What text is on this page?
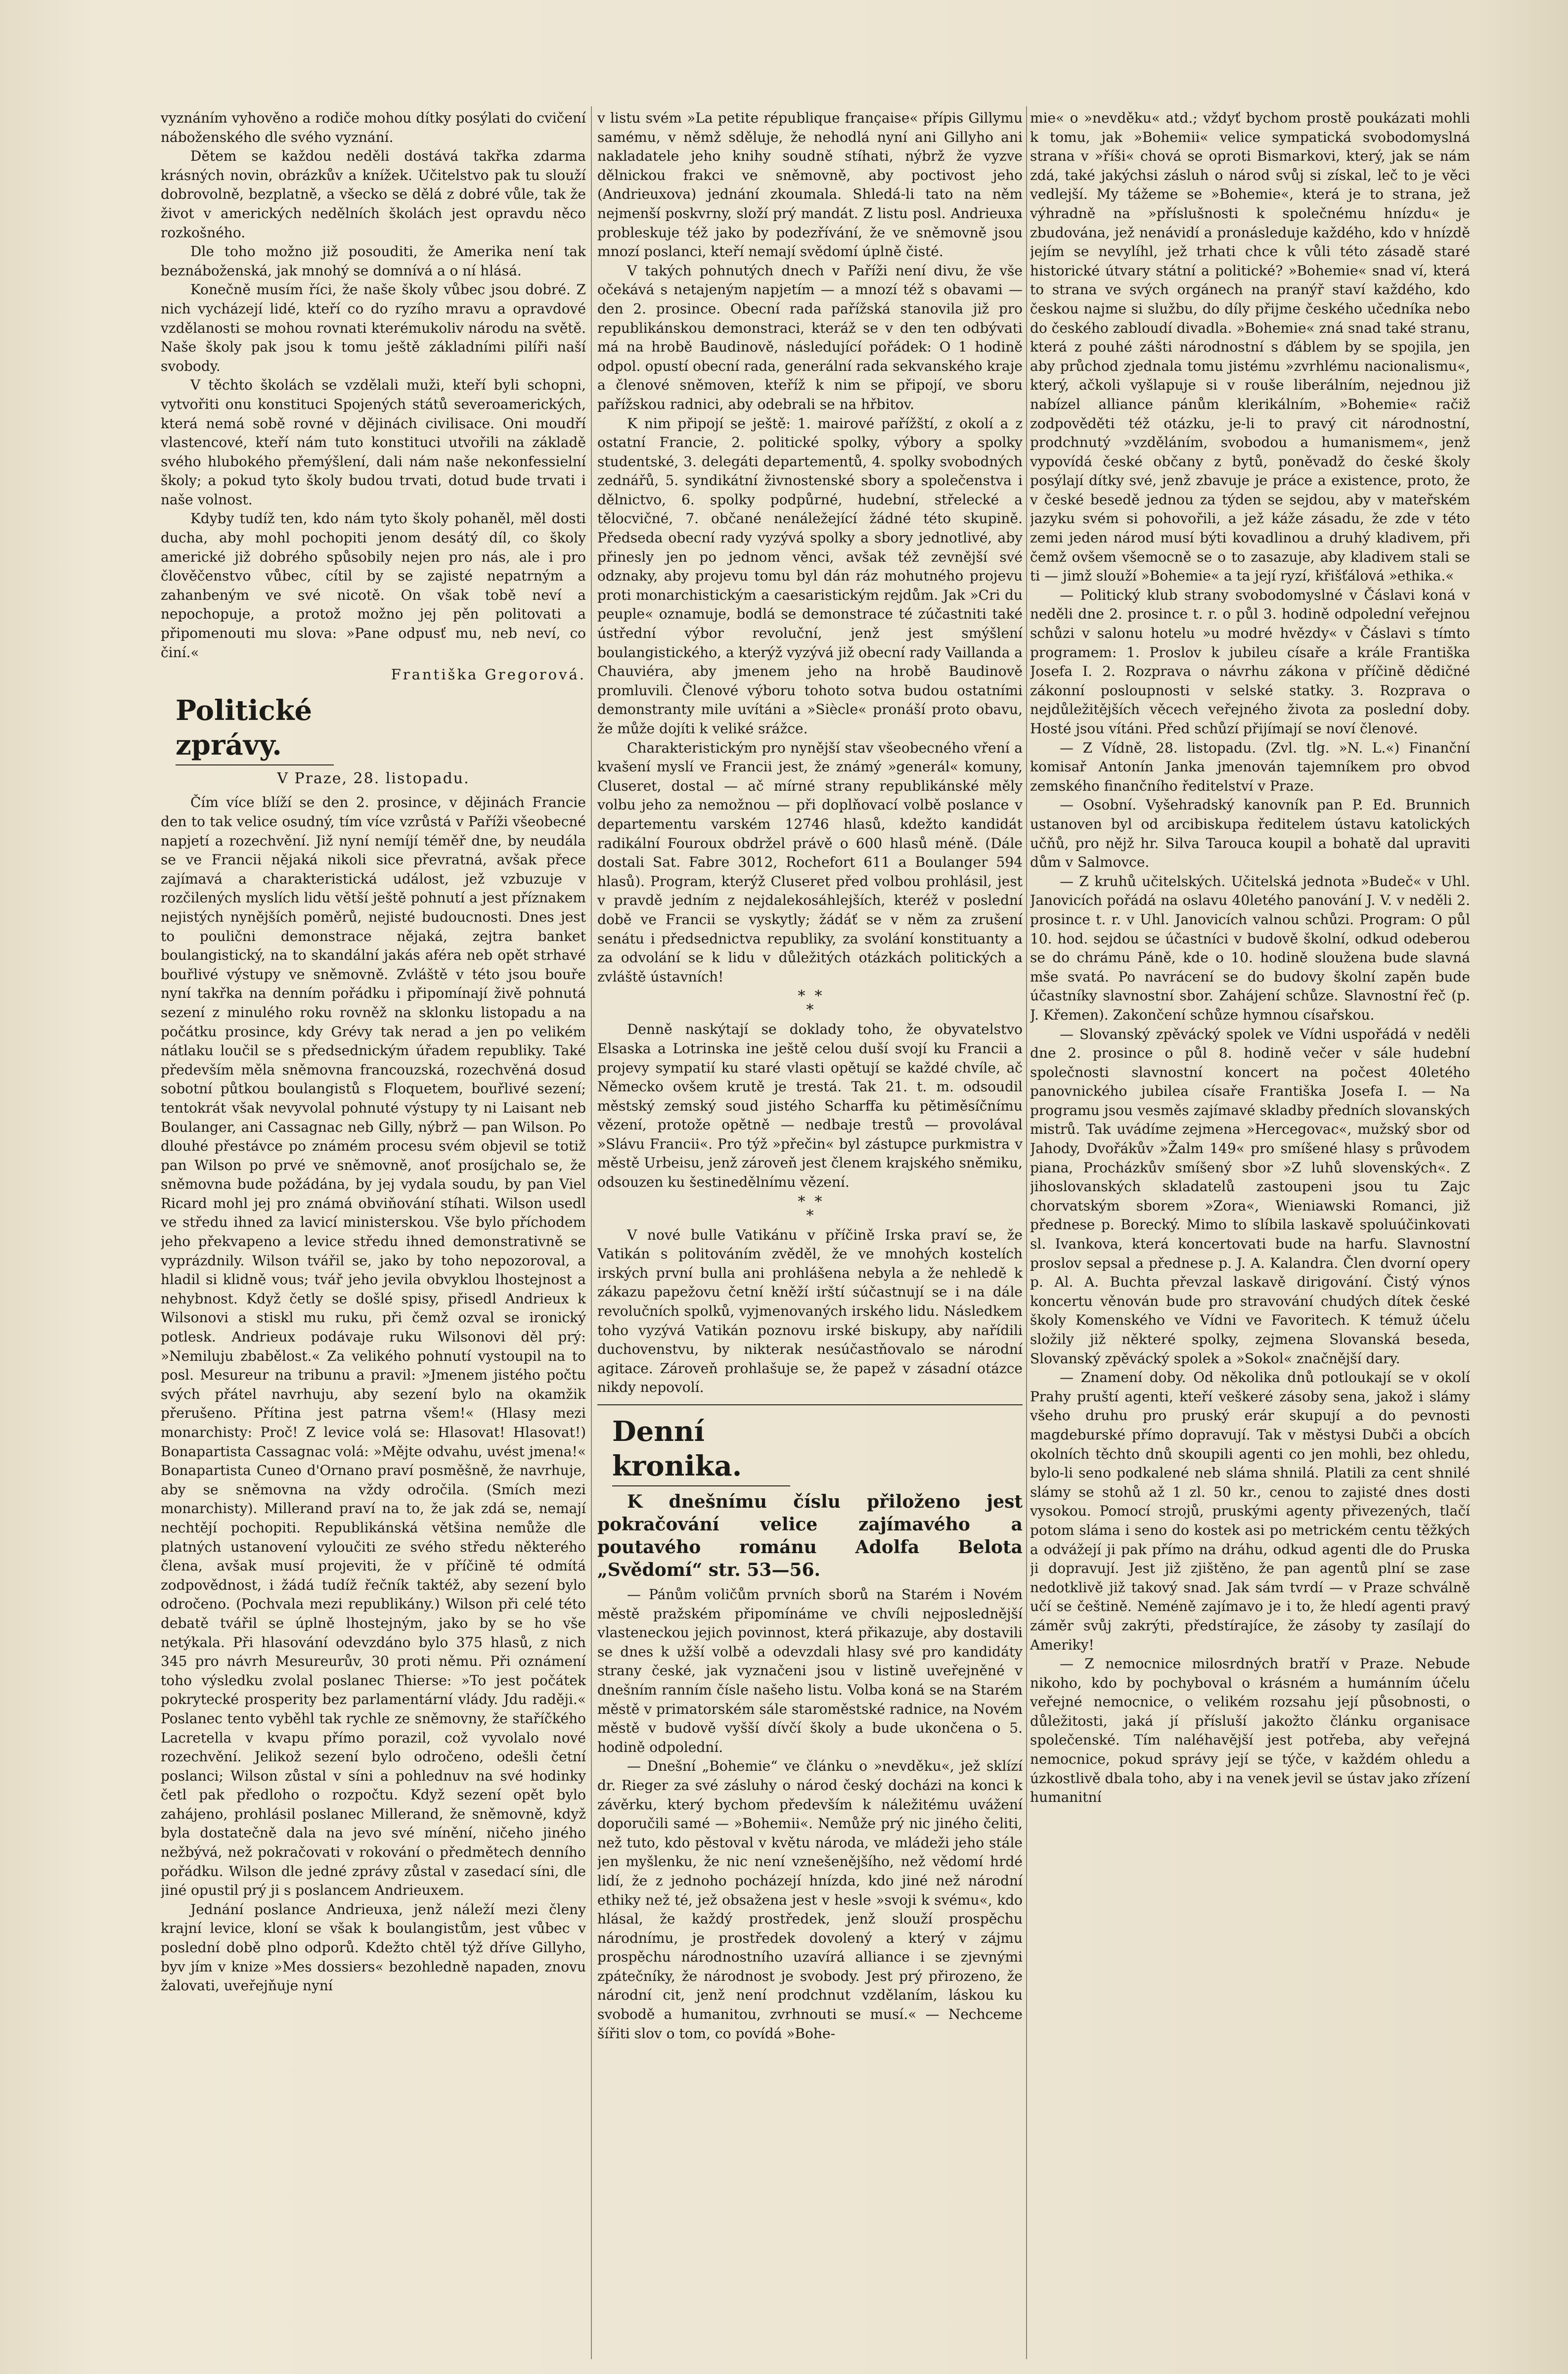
vyznáním vyhověno a rodiče mohou dítky posýlati do cvičení náboženského dle svého vyznání.

Dětem se každou neděli dostává takřka zdarma krásných novin, obrázkův a knížek. Učitelstvo pak tu slouží dobrovolně, bezplatně, a všecko se dělá z dobré vůle, tak že život v amerických nedělních školách jest opravdu něco rozkošného.

Dle toho možno již posouditi, že Amerika není tak beznáboženská, jak mnohý se domnívá a o ní hlásá.

Konečně musím říci, že naše školy vůbec jsou dobré. Z nich vycházejí lidé, kteří co do ryzího mravu a opravdové vzdělanosti se mohou rovnati kterémukoliv národu na světě. Naše školy pak jsou k tomu ještě základními pilíři naší svobody.

V těchto školách se vzdělali muži, kteří byli schopni, vytvořiti onu konstituci Spojených států severoamerických, která nemá sobě rovné v dějinách civilisace. Oni moudří vlastencové, kteří nám tuto konstituci utvořili na základě svého hlubokého přemýšlení, dali nám naše nekonfessielní školy; a pokud tyto školy budou trvati, dotud bude trvati i naše volnost.

Kdyby tudíž ten, kdo nám tyto školy pohaněl, měl dosti ducha, aby mohl pochopiti jenom desátý díl, co školy americké již dobrého spůsobily nejen pro nás, ale i pro člověčenstvo vůbec, cítil by se zajisté nepatrným a zahanbeným ve své nicotě. On však tobě neví a nepochopuje, a protož možno jej pěn politovati a připomenouti mu slova: »Pane odpusť mu, neb neví, co činí.«

Františka Gregorová.
Politické zprávy.
V Praze, 28. listopadu.

Čím více blíží se den 2. prosince, v dějinách Francie den to tak velice osudný, tím více vzrůstá v Paříži všeobecné napjetí a rozechvění. Již nyní nemíjí téměř dne, by neudála se ve Francii nějaká nikoli sice převratná, avšak přece zajímavá a charakteristická událost, jež vzbuzuje v rozčilených myslích lidu větší ještě pohnutí a jest příznakem nejistých nynějších poměrů, nejisté budoucnosti. Dnes jest to poulični demonstrace nějaká, zejtra banket boulangistický, na to skandální jakás aféra neb opět strhavé bouřlivé výstupy ve sněmovně. Zvláště v této jsou bouře nyní takřka na denním pořádku i připomínají živě pohnutá sezení z minulého roku rovněž na sklonku listopadu a na počátku prosince, kdy Grévy tak nerad a jen po velikém nátlaku loučil se s předsednickým úřadem republiky. Také především měla sněmovna francouzská, rozechvěná dosud sobotní půtkou boulangistů s Floquetem, bouřlivé sezení; tentokrát však nevyvolal pohnuté výstupy ty ni Laisant neb Boulanger, ani Cassagnac neb Gilly, nýbrž — pan Wilson. Po dlouhé přestávce po známém procesu svém objevil se totiž pan Wilson po prvé ve sněmovně, anoť prosíjchalo se, že sněmovna bude požádána, by jej vydala soudu, by pan Viel Ricard mohl jej pro známá obviňování stíhati. Wilson usedl ve středu ihned za lavicí ministerskou. Vše bylo příchodem jeho překvapeno a levice středu ihned demonstrativně se vyprázdnily. Wilson tvářil se, jako by toho nepozoroval, a hladil si klidně vous; tvář jeho jevila obvyklou lhostejnost a nehybnost. Když četly se došlé spisy, přisedl Andrieux k Wilsonovi a stiskl mu ruku, při čemž ozval se ironický potlesk. Andrieux podávaje ruku Wilsonovi děl prý: »Nemiluju zbabělost.« Za velikého pohnutí vystoupil na to posl. Mesureur na tribunu a pravil: »Jmenem jistého počtu svých přátel navrhuju, aby sezení bylo na okamžik přerušeno. Přítina jest patrna všem!« (Hlasy mezi monarchisty: Proč! Z levice volá se: Hlasovat! Hlasovat!) Bonapartista Cassagnac volá: »Mějte odvahu, uvést jmena!« Bonapartista Cuneo d'Ornano praví posměšně, že navrhuje, aby se sněmovna na vždy odročila. (Smích mezi monarchisty). Millerand praví na to, že jak zdá se, nemají nechtějí pochopiti. Republikánská většina nemůže dle platných ustanovení vyloučiti ze svého středu některého člena, avšak musí projeviti, že v příčině té odmítá zodpovědnost, i žádá tudíž řečník taktéž, aby sezení bylo odročeno. (Pochvala mezi republikány.) Wilson při celé této debatě tvářil se úplně lhostejným, jako by se ho vše netýkala. Při hlasování odevzdáno bylo 375 hlasů, z nich 345 pro návrh Mesureurův, 30 proti němu. Při oznámení toho výsledku zvolal poslanec Thierse: »To jest počátek pokrytecké prosperity bez parlamentární vlády. Jdu raději.« Poslanec tento vyběhl tak rychle ze sněmovny, že staříčkého Lacretella v kvapu přímo porazil, což vyvolalo nové rozechvění. Jelikož sezení bylo odročeno, odešli četní poslanci; Wilson zůstal v síni a pohlednuv na své hodinky četl pak předloho o rozpočtu. Když sezení opět bylo zahájeno, prohlásil poslanec Millerand, že sněmovně, když byla dostatečně dala na jevo své mínění, ničeho jiného nežbývá, než pokračovati v rokování o předmětech denního pořádku. Wilson dle jedné zprávy zůstal v zasedací síni, dle jiné opustil prý ji s poslancem Andrieuxem.

Jednání poslance Andrieuxa, jenž náleží mezi členy krajní levice, kloní se však k boulangistům, jest vůbec v poslední době plno odporů. Kdežto chtěl týž dříve Gillyho, byv jím v knize »Mes dossiers« bezohledně napaden, znovu žalovati, uveřejňuje nyní

v listu svém »La petite république française« přípis Gillymu samému, v němž sděluje, že nehodlá nyní ani Gillyho ani nakladatele jeho knihy soudně stíhati, nýbrž že vyzve dělnickou frakci ve sněmovně, aby poctivost jeho (Andrieuxova) jednání zkoumala. Shledá-li tato na něm nejmenší poskvrny, složí prý mandát. Z listu posl. Andrieuxa probleskuje též jako by podezřívání, že ve sněmovně jsou mnozí poslanci, kteří nemají svědomí úplně čisté.

V takých pohnutých dnech v Paříži není divu, že vše očekává s netajeným napjetím — a mnozí též s obavami — den 2. prosince. Obecní rada pařížská stanovila již pro republikánskou demonstraci, kteráž se v den ten odbývati má na hrobě Baudinově, následující pořádek: O 1 hodině odpol. opustí obecní rada, generální rada sekvanského kraje a členové sněmoven, kteříž k nim se připojí, ve sboru pařížskou radnici, aby odebrali se na hřbitov.

K nim připojí se ještě: 1. mairové pařížští, z okolí a z ostatní Francie, 2. politické spolky, výbory a spolky studentské, 3. delegáti departementů, 4. spolky svobodných zednářů, 5. syndikátní živnostenské sbory a společenstva i dělnictvo, 6. spolky podpůrné, hudební, střelecké a tělocvičné, 7. občané nenáležející žádné této skupině. Předseda obecní rady vyzývá spolky a sbory jednotlivé, aby přinesly jen po jednom věnci, avšak též zevnější své odznaky, aby projevu tomu byl dán ráz mohutného projevu proti monarchistickým a caesaristickým rejdům. Jak »Cri du peuple« oznamuje, bodlá se demonstrace té zúčastniti také ústřední výbor revoluční, jenž jest smýšlení boulangistického, a kterýž vyzývá již obecní rady Vaillanda a Chauviéra, aby jmenem jeho na hrobě Baudinově promluvili. Členové výboru tohoto sotva budou ostatními demonstranty mile uvítáni a »Siècle« pronáší proto obavu, že může dojíti k veliké srážce.

Charakteristickým pro nynější stav všeobecného vření a kvašení myslí ve Francii jest, že známý »generál« komuny, Cluseret, dostal — ač mírné strany republikánské měly volbu jeho za nemožnou — při doplňovací volbě poslance v departementu varském 12746 hlasů, kdežto kandidát radikální Fouroux obdržel právě o 600 hlasů méně. (Dále dostali Sat. Fabre 3012, Rochefort 611 a Boulanger 594 hlasů). Program, kterýž Cluseret před volbou prohlásil, jest v pravdě jedním z nejdalekosáhlejších, kteréž v poslední době ve Francii se vyskytly; žádáť se v něm za zrušení senátu i předsednictva republiky, za svolání konstituanty a za odvolání se k lidu v důležitých otázkách politických a zvláště ústavních!

*  *
*

Denně naskýtají se doklady toho, že obyvatelstvo Elsaska a Lotrinska ine ještě celou duší svojí ku Francii a projevy sympatií ku staré vlasti opětují se každé chvíle, ač Německo ovšem krutě je trestá. Tak 21. t. m. odsoudil městský zemský soud jistého Scharffa ku pětiměsíčnímu vězení, protože opětně — nedbaje trestů — provolával »Slávu Francii«. Pro týž »přečin« byl zástupce purkmistra v městě Urbeisu, jenž zároveň jest členem krajského sněmiku, odsouzen ku šestinedělnímu vězení.

*  *
*

V nové bulle Vatikánu v příčině Irska praví se, že Vatikán s politováním zvěděl, že ve mnohých kostelích irských první bulla ani prohlášena nebyla a že nehledě k zákazu papežovu četní kněží irští súčastnují se i na dále revolučních spolků, vyjmenovaných irského lidu. Následkem toho vyzývá Vatikán poznovu irské biskupy, aby nařídili duchovenstvu, by nikterak nesúčastňovalo se národní agitace. Zároveň prohlašuje se, že papež v zásadní otázce nikdy nepovolí.

Denní kronika.
K dnešnímu číslu přiloženo jest pokračování velice zajímavého a poutavého románu Adolfa Belota „Svědomí“ str. 53—56.

— Pánům voličům prvních sborů na Starém i Novém městě pražském připomínáme ve chvíli nejposlednější vlasteneckou jejich povinnost, která přikazuje, aby dostavili se dnes k užší volbě a odevzdali hlasy své pro kandidáty strany české, jak vyznačeni jsou v listině uveřejněné v dnešním ranním čísle našeho listu. Volba koná se na Starém městě v primatorském sále staroměstské radnice, na Novém městě v budově vyšší dívčí školy a bude ukončena o 5. hodině odpolední.

— Dnešní „Bohemie“ ve článku o »nevděku«, jež sklízí dr. Rieger za své zásluhy o národ český docházi na konci k závěrku, který bychom především k náležitému uvážení doporučili samé — »Bohemii«. Nemůže prý nic jiného čeliti, než tuto, kdo pěstoval v květu národa, ve mládeži jeho stále jen myšlenku, že nic není vznešenějšího, než vědomí hrdé lidí, že z jednoho pocházejí hnízda, kdo jiné než národní ethiky než té, jež obsažena jest v hesle »svoji k svému«, kdo hlásal, že každý prostředek, jenž slouží prospěchu národnímu, je prostředek dovolený a který v zájmu prospěchu národnostního uzavírá alliance i se zjevnými zpátečníky, že národnost je svobody. Jest prý přirozeno, že národní cit, jenž není prodchnut vzdělaním, láskou ku svobodě a humanitou, zvrhnouti se musí.« — Nechceme šířiti slov o tom, co povídá »Bohe-

mie« o »nevděku« atd.; vždyť bychom prostě poukázati mohli k tomu, jak »Bohemii« velice sympatická svobodomyslná strana v »říši« chová se oproti Bismarkovi, který, jak se nám zdá, také jakýchsi zásluh o národ svůj si získal, leč to je věci vedlejší. My tážeme se »Bohemie«, která je to strana, jež výhradně na »příslušnosti k společnému hnízdu« je zbudována, jež nenávidí a pronásleduje každého, kdo v hnízdě jejím se nevylíhl, jež trhati chce k vůli této zásadě staré historické útvary státní a politické? »Bohemie« snad ví, která to strana ve svých orgánech na pranýř staví každého, kdo českou najme si službu, do díly přijme českého učedníka nebo do českého zabloudí divadla. »Bohemie« zná snad také stranu, která z pouhé zášti národnostní s ďáblem by se spojila, jen aby průchod zjednala tomu jistému »zvrhlému nacionalismu«, který, ačkoli vyšlapuje si v rouše liberálním, nejednou již nabízel alliance pánům klerikálním, »Bohemie« račiž zodpověděti též otázku, je-li to pravý cit národnostní, prodchnutý »vzděláním, svobodou a humanismem«, jenž vypovídá české občany z bytů, poněvadž do české školy posýlají dítky své, jenž zbavuje je práce a existence, proto, že v české besedě jednou za týden se sejdou, aby v mateřském jazyku svém si pohovořili, a jež káže zásadu, že zde v této zemi jeden národ musí býti kovadlinou a druhý kladivem, při čemž ovšem všemocně se o to zasazuje, aby kladivem stali se ti — jimž slouží »Bohemie« a ta její ryzí, křišťálová »ethika.«

— Politický klub strany svobodomyslné v Čáslavi koná v neděli dne 2. prosince t. r. o půl 3. hodině odpolední veřejnou schůzi v salonu hotelu »u modré hvězdy« v Čáslavi s tímto programem: 1. Proslov k jubileu císaře a krále Františka Josefa I. 2. Rozprava o návrhu zákona v příčině dědičné zákonní posloupnosti v selské statky. 3. Rozprava o nejdůležitějších věcech veřejného života za poslední doby. Hosté jsou vítáni. Před schůzí přijímají se noví členové.

— Z Vídně, 28. listopadu. (Zvl. tlg. »N. L.«) Finanční komisař Antonín Janka jmenován tajemníkem pro obvod zemského finančního ředitelství v Praze.

— Osobní. Vyšehradský kanovník pan P. Ed. Brunnich ustanoven byl od arcibiskupa ředitelem ústavu katolických učňů, pro nějž hr. Silva Tarouca koupil a bohatě dal upraviti dům v Salmovce.

— Z kruhů učitelských. Učitelská jednota »Budeč« v Uhl. Janovicích pořádá na oslavu 40letého panování J. V. v neděli 2. prosince t. r. v Uhl. Janovicích valnou schůzi. Program: O půl 10. hod. sejdou se účastníci v budově školní, odkud odeberou se do chrámu Páně, kde o 10. hodině sloužena bude slavná mše svatá. Po navrácení se do budovy školní zapěn bude účastníky slavnostní sbor. Zahájení schůze. Slavnostní řeč (p. J. Křemen). Zakončení schůze hymnou císařskou.

— Slovanský zpěvácký spolek ve Vídni uspořádá v neděli dne 2. prosince o půl 8. hodině večer v sále hudební společnosti slavnostní koncert na počest 40letého panovnického jubilea císaře Františka Josefa I. — Na programu jsou vesměs zajímavé skladby předních slovanských mistrů. Tak uvádíme zejmena »Hercegovac«, mužský sbor od Jahody, Dvořákův »Žalm 149« pro smíšené hlasy s průvodem piana, Procházkův smíšený sbor »Z luhů slovenských«. Z jihoslovanských skladatelů zastoupeni jsou tu Zajc chorvatským sborem »Zora«, Wieniawski Romanci, již přednese p. Borecký. Mimo to slíbila laskavě spoluúčinkovati sl. Ivankova, která koncertovati bude na harfu. Slavnostní proslov sepsal a přednese p. J. A. Kalandra. Člen dvorní opery p. Al. A. Buchta převzal laskavě dirigování. Čistý výnos koncertu věnován bude pro stravování chudých dítek české školy Komenského ve Vídni ve Favoritech. K témuž účelu složily již některé spolky, zejmena Slovanská beseda, Slovanský zpěvácký spolek a »Sokol« značnější dary.

— Znamení doby. Od několika dnů potloukají se v okolí Prahy pruští agenti, kteří veškeré zásoby sena, jakož i slámy všeho druhu pro pruský erár skupují a do pevnosti magdeburské přímo dopravují. Tak v městysi Dubči a obcích okolních těchto dnů skoupili agenti co jen mohli, bez ohledu, bylo-li seno podkalené neb sláma shnilá. Platili za cent shnilé slámy se stohů až 1 zl. 50 kr., cenou to zajisté dnes dosti vysokou. Pomocí strojů, pruskými agenty přivezených, tlačí potom sláma i seno do kostek asi po metrickém centu těžkých a odvážejí ji pak přímo na dráhu, odkud agenti dle do Pruska ji dopravují. Jest již zjištěno, že pan agentů plní se zase nedotklivě již takový snad. Jak sám tvrdí — v Praze schválně učí se češtině. Neméně zajímavo je i to, že hledí agenti pravý záměr svůj zakrýti, předstírajíce, že zásoby ty zasílají do Ameriky!

— Z nemocnice milosrdných bratří v Praze. Nebude nikoho, kdo by pochyboval o krásném a humánním účelu veřejné nemocnice, o velikém rozsahu její působnosti, o důležitosti, jaká jí přísluší jakožto článku organisace společenské. Tím naléhavější jest potřeba, aby veřejná nemocnice, pokud správy její se týče, v každém ohledu a úzkostlivě dbala toho, aby i na venek jevil se ústav jako zřízení humanitní
